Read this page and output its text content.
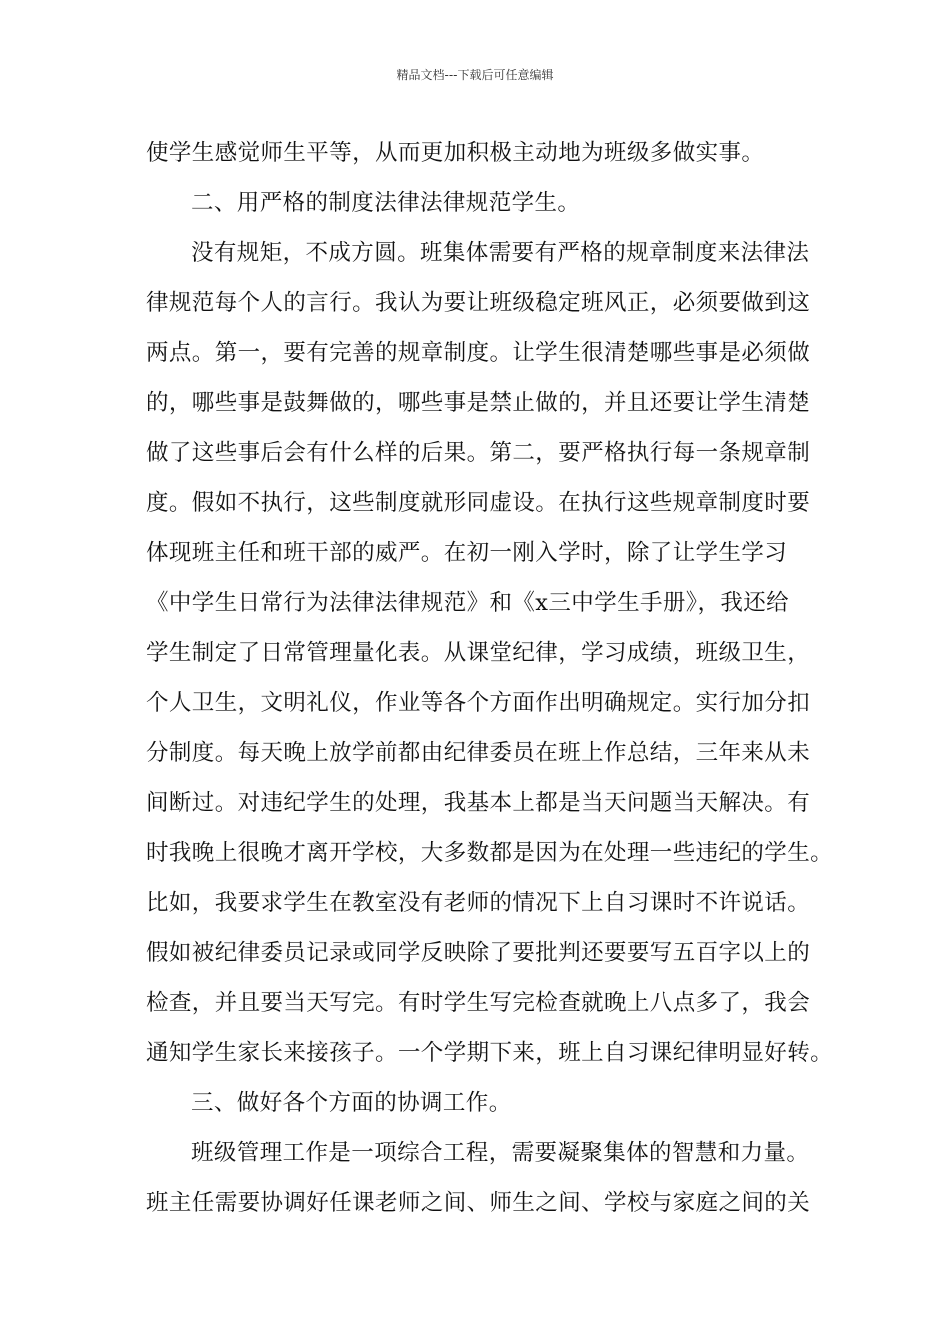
精品文档---下载后可任意编辑
使学生感觉师生平等，从而更加积极主动地为班级多做实事。
二、用严格的制度法律法律规范学生。
没有规矩，不成方圆。班集体需要有严格的规章制度来法律法
律规范每个人的言行。我认为要让班级稳定班风正，必须要做到这
两点。第一，要有完善的规章制度。让学生很清楚哪些事是必须做
的，哪些事是鼓舞做的，哪些事是禁止做的，并且还要让学生清楚
做了这些事后会有什么样的后果。第二，要严格执行每一条规章制
度。假如不执行，这些制度就形同虚设。在执行这些规章制度时要
体现班主任和班干部的威严。在初一刚入学时，除了让学生学习
《中学生日常行为法律法律规范》和《x三中学生手册》，我还给
学生制定了日常管理量化表。从课堂纪律，学习成绩，班级卫生，
个人卫生，文明礼仪，作业等各个方面作出明确规定。实行加分扣
分制度。每天晚上放学前都由纪律委员在班上作总结，三年来从未
间断过。对违纪学生的处理，我基本上都是当天问题当天解决。有
时我晚上很晚才离开学校，大多数都是因为在处理一些违纪的学生。
比如，我要求学生在教室没有老师的情况下上自习课时不许说话。
假如被纪律委员记录或同学反映除了要批判还要要写五百字以上的
检查，并且要当天写完。有时学生写完检查就晚上八点多了，我会
通知学生家长来接孩子。一个学期下来，班上自习课纪律明显好转。
三、做好各个方面的协调工作。
班级管理工作是一项综合工程，需要凝聚集体的智慧和力量。
班主任需要协调好任课老师之间、师生之间、学校与家庭之间的关
